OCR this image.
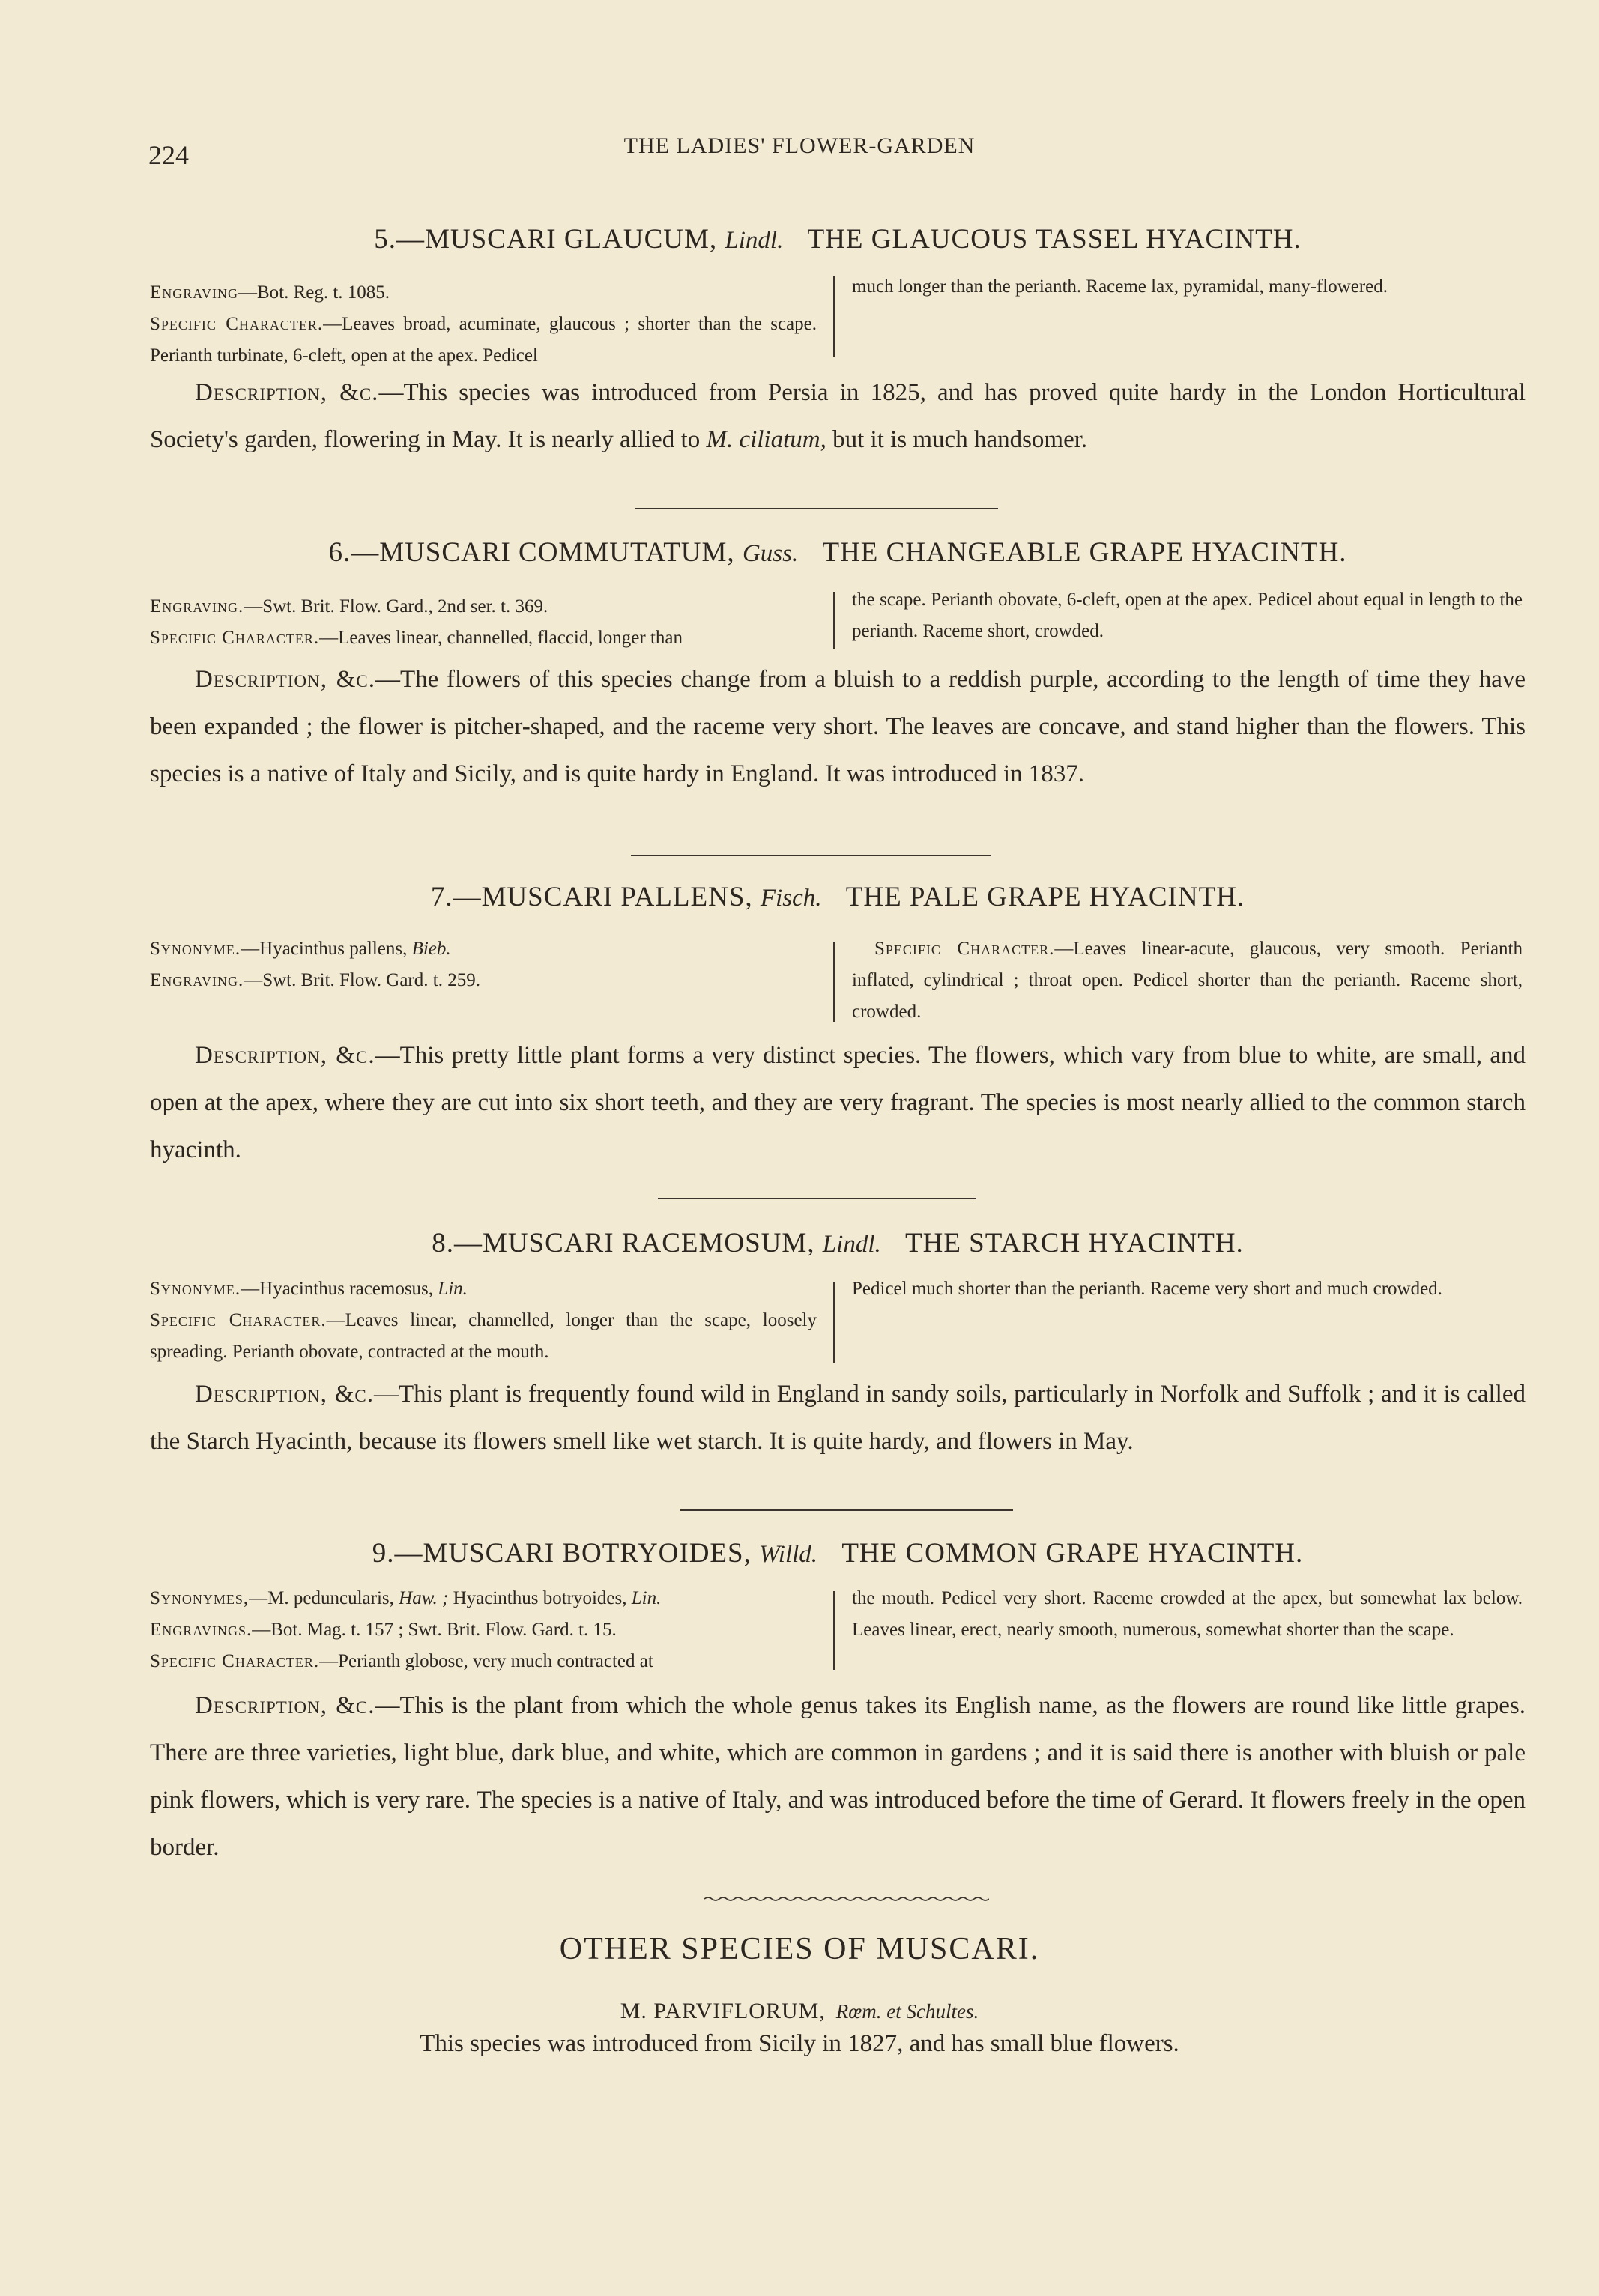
224	THE LADIES' FLOWER-GARDEN
5.—MUSCARI GLAUCUM, Lindl. THE GLAUCOUS TASSEL HYACINTH.
Engraving—Bot. Reg. t. 1085.
Specific Character.—Leaves broad, acuminate, glaucous ; shorter than the scape. Perianth turbinate, 6-cleft, open at the apex. Pedicel
much longer than the perianth. Raceme lax, pyramidal, many-flowered.

Description, &c.—This species was introduced from Persia in 1825, and has proved quite hardy in the London Horticultural Society's garden, flowering in May. It is nearly allied to M. ciliatum, but it is much handsomer.

6.—MUSCARI COMMUTATUM, Guss. THE CHANGEABLE GRAPE HYACINTH.
Engraving.—Swt. Brit. Flow. Gard., 2nd ser. t. 369.
Specific Character.—Leaves linear, channelled, flaccid, longer than
the scape. Perianth obovate, 6-cleft, open at the apex. Pedicel about equal in length to the perianth. Raceme short, crowded.

Description, &c.—The flowers of this species change from a bluish to a reddish purple, according to the length of time they have been expanded ; the flower is pitcher-shaped, and the raceme very short. The leaves are concave, and stand higher than the flowers. This species is a native of Italy and Sicily, and is quite hardy in England. It was introduced in 1837.

7.—MUSCARI PALLENS, Fisch. THE PALE GRAPE HYACINTH.
Synonyme.—Hyacinthus pallens, Bieb.
Engraving.—Swt. Brit. Flow. Gard. t. 259.
Specific Character.—Leaves linear-acute, glaucous, very smooth. Perianth inflated, cylindrical ; throat open. Pedicel shorter than the perianth. Raceme short, crowded.

Description, &c.—This pretty little plant forms a very distinct species. The flowers, which vary from blue to white, are small, and open at the apex, where they are cut into six short teeth, and they are very fragrant. The species is most nearly allied to the common starch hyacinth.

8.—MUSCARI RACEMOSUM, Lindl. THE STARCH HYACINTH.
Synonyme.—Hyacinthus racemosus, Lin.
Specific Character.—Leaves linear, channelled, longer than the scape, loosely spreading. Perianth obovate, contracted at the mouth.
Pedicel much shorter than the perianth. Raceme very short and much crowded.

Description, &c.—This plant is frequently found wild in England in sandy soils, particularly in Norfolk and Suffolk ; and it is called the Starch Hyacinth, because its flowers smell like wet starch. It is quite hardy, and flowers in May.

9.—MUSCARI BOTRYOIDES, Willd. THE COMMON GRAPE HYACINTH.
Synonymes,—M. peduncularis, Haw. ; Hyacinthus botryoides, Lin.
Engravings.—Bot. Mag. t. 157 ; Swt. Brit. Flow. Gard. t. 15.
Specific Character.—Perianth globose, very much contracted at
the mouth. Pedicel very short. Raceme crowded at the apex, but somewhat lax below. Leaves linear, erect, nearly smooth, numerous, somewhat shorter than the scape.

Description, &c.—This is the plant from which the whole genus takes its English name, as the flowers are round like little grapes. There are three varieties, light blue, dark blue, and white, which are common in gardens ; and it is said there is another with bluish or pale pink flowers, which is very rare. The species is a native of Italy, and was introduced before the time of Gerard. It flowers freely in the open border.

OTHER SPECIES OF MUSCARI.
M. PARVIFLORUM, Rœm. et Schultes.
This species was introduced from Sicily in 1827, and has small blue flowers.
